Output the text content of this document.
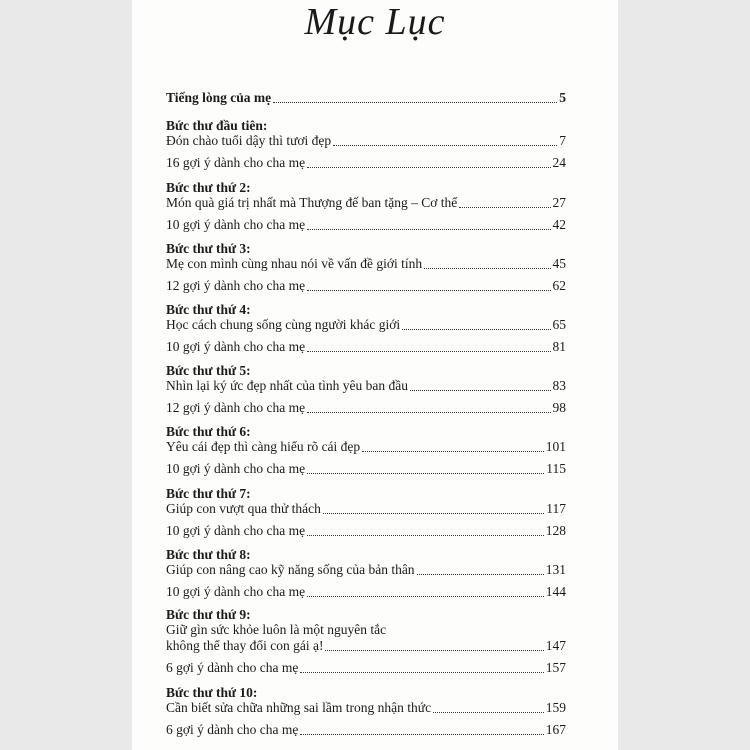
Mục Lục
Tiếng lòng của mẹ	5
Bức thư đầu tiên:
Đón chào tuổi dậy thì tươi đẹp	7
16 gợi ý dành cho cha mẹ	24
Bức thư thứ 2:
Món quà giá trị nhất mà Thượng đế ban tặng – Cơ thể	27
10 gợi ý dành cho cha mẹ	42
Bức thư thứ 3:
Mẹ con mình cùng nhau nói về vấn đề giới tính	45
12 gợi ý dành cho cha mẹ	62
Bức thư thứ 4:
Học cách chung sống cùng người khác giới	65
10 gợi ý dành cho cha mẹ	81
Bức thư thứ 5:
Nhìn lại ký ức đẹp nhất của tình yêu ban đầu	83
12 gợi ý dành cho cha mẹ	98
Bức thư thứ 6:
Yêu cái đẹp thì càng hiểu rõ cái đẹp	101
10 gợi ý dành cho cha mẹ	115
Bức thư thứ 7:
Giúp con vượt qua thử thách	117
10 gợi ý dành cho cha mẹ	128
Bức thư thứ 8:
Giúp con nâng cao kỹ năng sống của bản thân	131
10 gợi ý dành cho cha mẹ	144
Bức thư thứ 9:
Giữ gìn sức khỏe luôn là một nguyên tắc
không thể thay đổi con gái ạ!	147
6 gợi ý dành cho cha mẹ	157
Bức thư thứ 10:
Cần biết sửa chữa những sai lầm trong nhận thức	159
6 gợi ý dành cho cha mẹ	167
